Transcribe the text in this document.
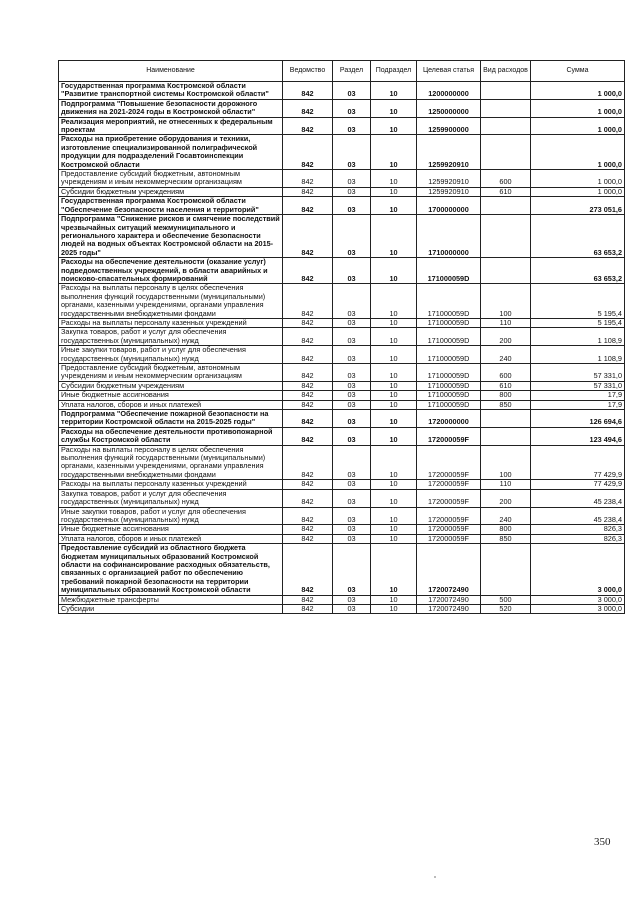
Наименование	Ведомство	Раздел	Подраздел	Целевая статья	Вид расходов	Сумма
Государственная программа Костромской области "Развитие транспортной системы Костромской области"	842	03	10	1200000000		1 000,0
Подпрограмма "Повышение безопасности дорожного движения на 2021-2024 годы в Костромской области"	842	03	10	1250000000		1 000,0
Реализация мероприятий, не отнесенных к федеральным проектам	842	03	10	1259900000		1 000,0
Расходы на приобретение оборудования и техники, изготовление специализированной полиграфической продукции для подразделений Госавтоинспекции Костромской области	842	03	10	1259920910		1 000,0
Предоставление субсидий бюджетным, автономным учреждениям и иным некоммерческим организациям	842	03	10	1259920910	600	1 000,0
Субсидии бюджетным учреждениям	842	03	10	1259920910	610	1 000,0
Государственная программа Костромской области "Обеспечение безопасности населения и территорий"	842	03	10	1700000000		273 051,6
Подпрограмма "Снижение рисков и смягчение последствий чрезвычайных ситуаций межмуниципального и регионального характера и обеспечение безопасности людей на водных объектах Костромской области на 2015-2025 годы"	842	03	10	1710000000		63 653,2
Расходы на обеспечение деятельности (оказание услуг) подведомственных учреждений, в области аварийных и поисково-спасательных формирований	842	03	10	171000059D		63 653,2
Расходы на выплаты персоналу в целях обеспечения выполнения функций государственными (муниципальными) органами, казенными учреждениями, органами управления государственными внебюджетными фондами	842	03	10	171000059D	100	5 195,4
Расходы на выплаты персоналу казенных учреждений	842	03	10	171000059D	110	5 195,4
Закупка товаров, работ и услуг для обеспечения государственных (муниципальных) нужд	842	03	10	171000059D	200	1 108,9
Иные закупки товаров, работ и услуг для обеспечения государственных (муниципальных) нужд	842	03	10	171000059D	240	1 108,9
Предоставление субсидий бюджетным, автономным учреждениям и иным некоммерческим организациям	842	03	10	171000059D	600	57 331,0
Субсидии бюджетным учреждениям	842	03	10	171000059D	610	57 331,0
Иные бюджетные ассигнования	842	03	10	171000059D	800	17,9
Уплата налогов, сборов и иных платежей	842	03	10	171000059D	850	17,9
Подпрограмма "Обеспечение пожарной безопасности на территории Костромской области на 2015-2025 годы"	842	03	10	1720000000		126 694,6
Расходы на обеспечение деятельности противопожарной службы Костромской области	842	03	10	172000059F		123 494,6
Расходы на выплаты персоналу в целях обеспечения выполнения функций государственными (муниципальными) органами, казенными учреждениями, органами управления государственными внебюджетными фондами	842	03	10	172000059F	100	77 429,9
Расходы на выплаты персоналу казенных учреждений	842	03	10	172000059F	110	77 429,9
Закупка товаров, работ и услуг для обеспечения государственных (муниципальных) нужд	842	03	10	172000059F	200	45 238,4
Иные закупки товаров, работ и услуг для обеспечения государственных (муниципальных) нужд	842	03	10	172000059F	240	45 238,4
Иные бюджетные ассигнования	842	03	10	172000059F	800	826,3
Уплата налогов, сборов и иных платежей	842	03	10	172000059F	850	826,3
Предоставление субсидий из областного бюджета бюджетам муниципальных образований Костромской области на софинансирование расходных обязательств, связанных с организацией работ по обеспечению требований пожарной безопасности на территории муниципальных образований Костромской области	842	03	10	1720072490		3 000,0
Межбюджетные трансферты	842	03	10	1720072490	500	3 000,0
Субсидии	842	03	10	1720072490	520	3 000,0
350
